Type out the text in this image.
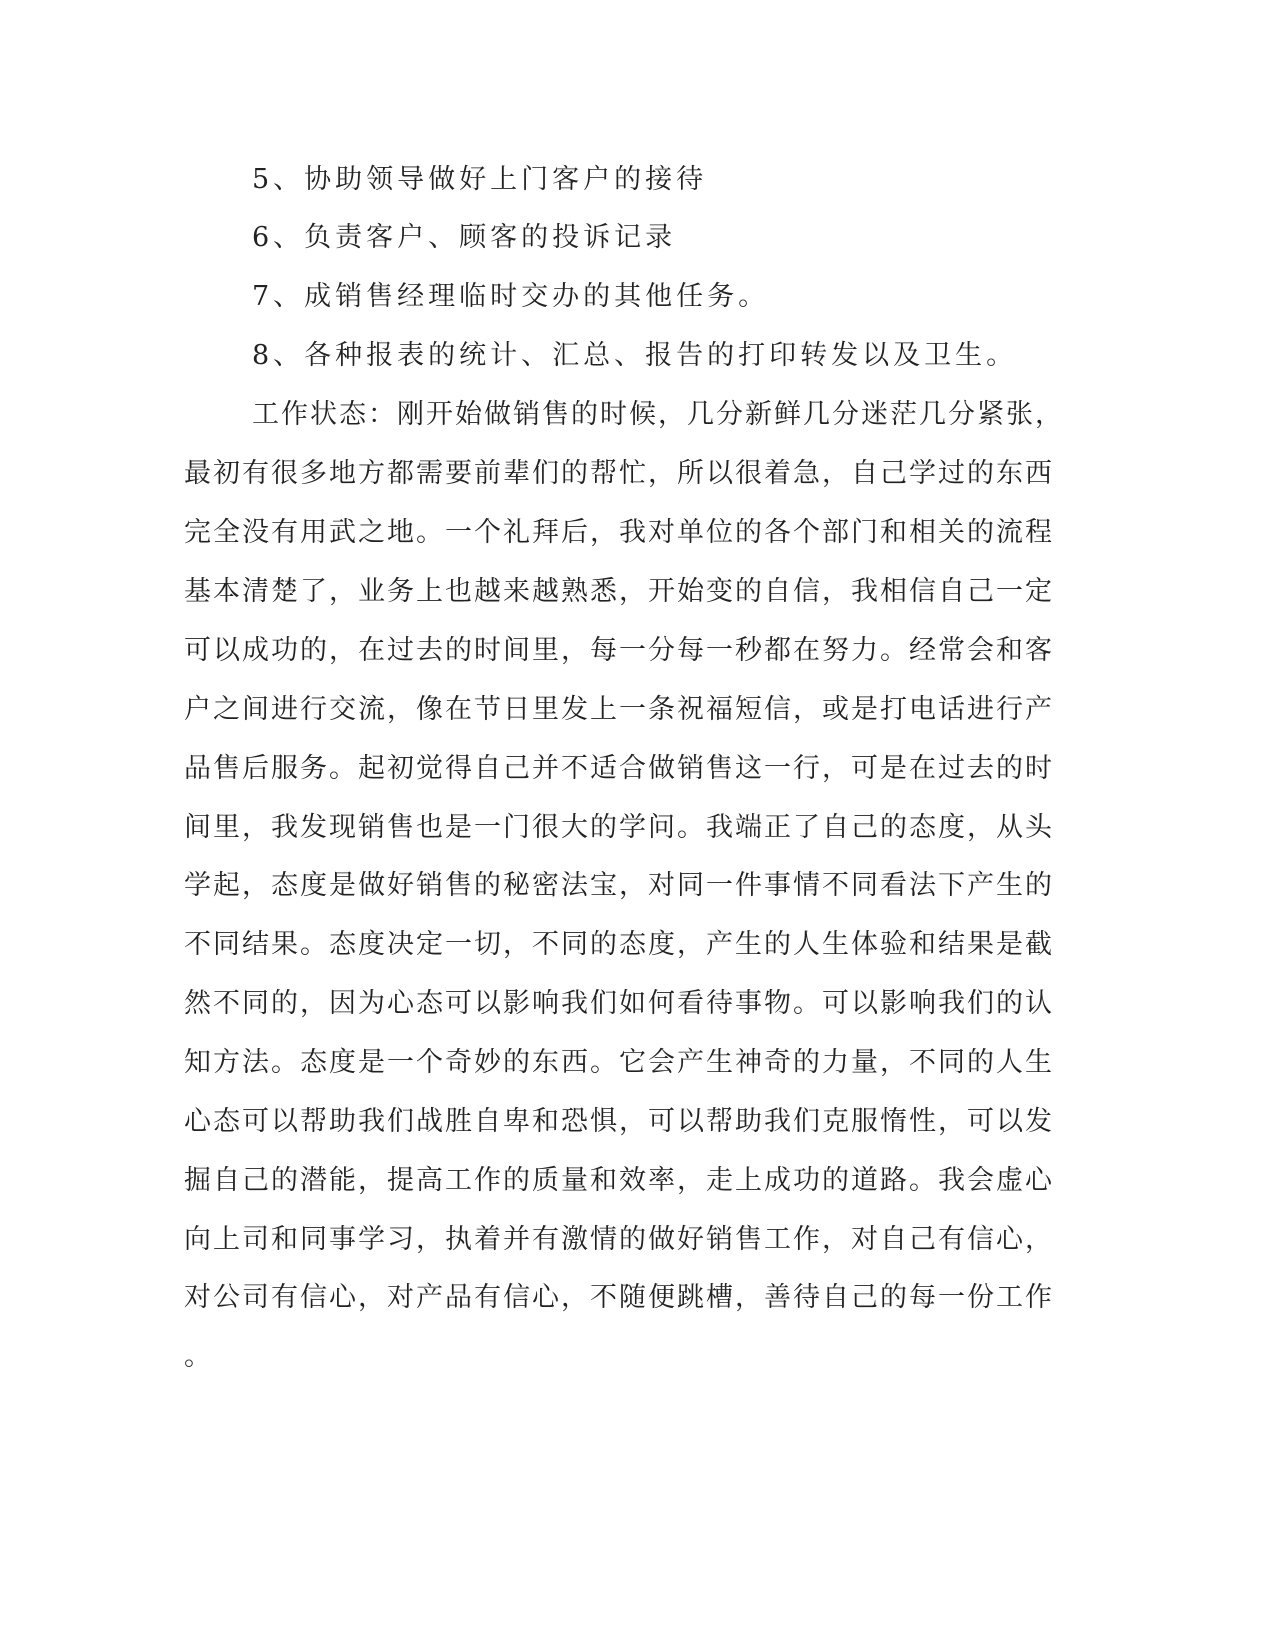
5、协助领导做好上门客户的接待
6、负责客户、顾客的投诉记录
7、成销售经理临时交办的其他任务。
8、各种报表的统计、汇总、报告的打印转发以及卫生。
工作状态：刚开始做销售的时候，几分新鲜几分迷茫几分紧张，
最初有很多地方都需要前辈们的帮忙，所以很着急，自己学过的东西
完全没有用武之地。一个礼拜后，我对单位的各个部门和相关的流程
基本清楚了，业务上也越来越熟悉，开始变的自信，我相信自己一定
可以成功的，在过去的时间里，每一分每一秒都在努力。经常会和客
户之间进行交流，像在节日里发上一条祝福短信，或是打电话进行产
品售后服务。起初觉得自己并不适合做销售这一行，可是在过去的时
间里，我发现销售也是一门很大的学问。我端正了自己的态度，从头
学起，态度是做好销售的秘密法宝，对同一件事情不同看法下产生的
不同结果。态度决定一切，不同的态度，产生的人生体验和结果是截
然不同的，因为心态可以影响我们如何看待事物。可以影响我们的认
知方法。态度是一个奇妙的东西。它会产生神奇的力量，不同的人生
心态可以帮助我们战胜自卑和恐惧，可以帮助我们克服惰性，可以发
掘自己的潜能，提高工作的质量和效率，走上成功的道路。我会虚心
向上司和同事学习，执着并有激情的做好销售工作，对自己有信心，
对公司有信心，对产品有信心，不随便跳槽，善待自己的每一份工作
。
